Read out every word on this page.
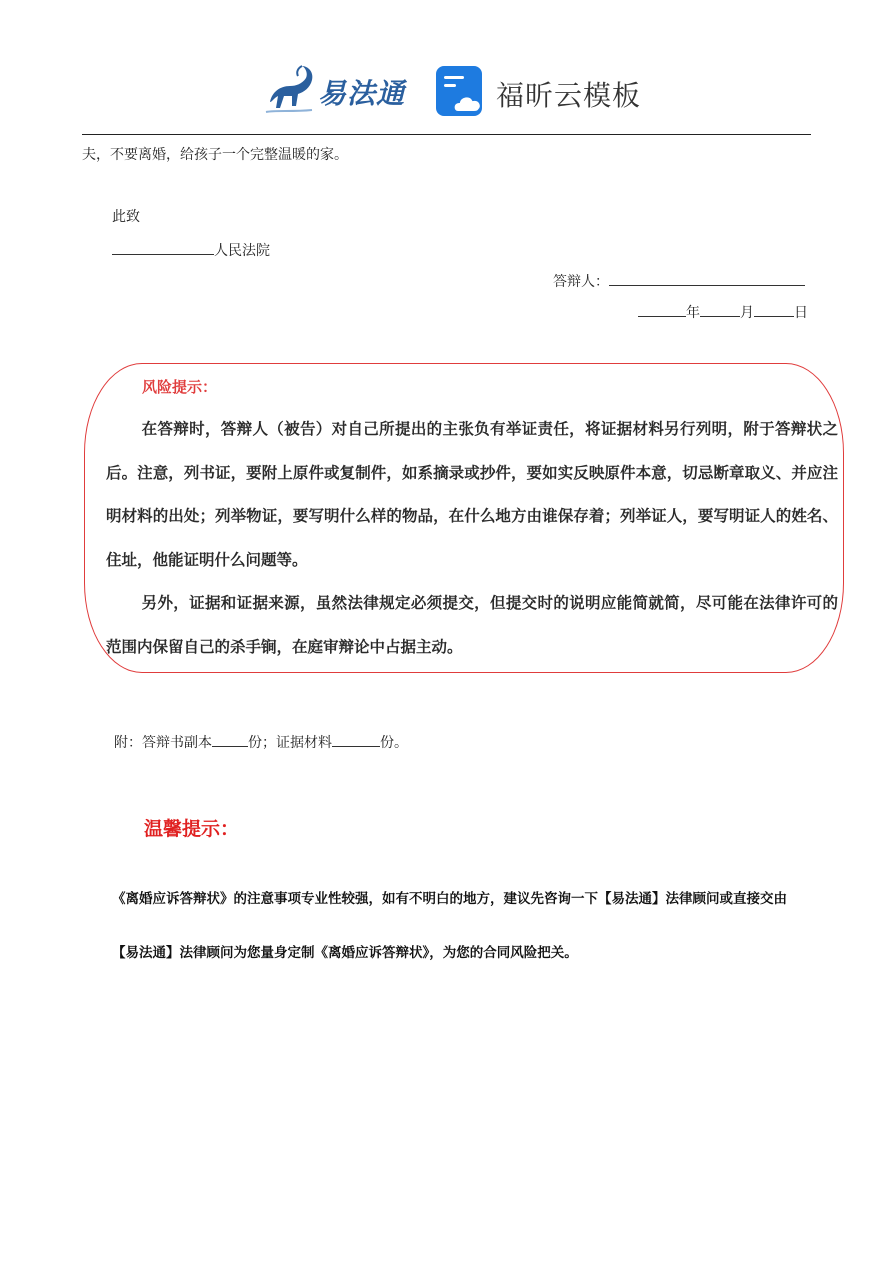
易法通	福昕云模板
夫，不要离婚，给孩子一个完整温暖的家。
此致
人民法院
答辩人：
年	月	日
风险提示：

在答辩时，答辩人（被告）对自己所提出的主张负有举证责任，将证据材料另行列明，附于答辩状之后。注意，列书证，要附上原件或复制件，如系摘录或抄件，要如实反映原件本意，切忌断章取义、并应注明材料的出处；列举物证，要写明什么样的物品，在什么地方由谁保存着；列举证人，要写明证人的姓名、住址，他能证明什么问题等。

另外，证据和证据来源，虽然法律规定必须提交，但提交时的说明应能简就简，尽可能在法律许可的范围内保留自己的杀手锏，在庭审辩论中占据主动。

附：答辩书副本	份；证据材料	份。
温馨提示：
《离婚应诉答辩状》的注意事项专业性较强，如有不明白的地方，建议先咨询一下【易法通】法律顾问或直接交由【易法通】法律顾问为您量身定制《离婚应诉答辩状》，为您的合同风险把关。
